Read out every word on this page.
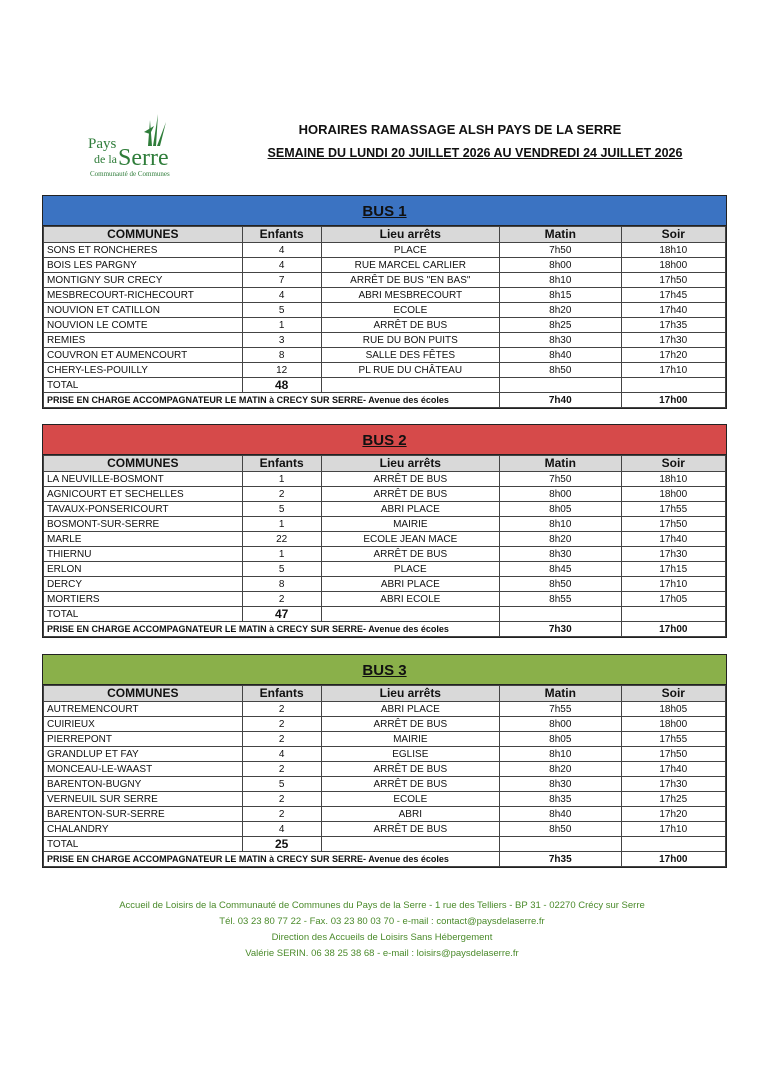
Pays
de la Serre
Communauté de Communes
HORAIRES RAMASSAGE ALSH PAYS DE LA SERRE
SEMAINE DU LUNDI 20 JUILLET 2026 AU VENDREDI 24 JUILLET 2026
BUS 1
COMMUNES	Enfants	Lieu arrêts	Matin	Soir
SONS ET RONCHERES	4	PLACE	7h50	18h10
BOIS LES PARGNY	4	RUE MARCEL CARLIER	8h00	18h00
MONTIGNY SUR CRECY	7	ARRÊT DE BUS "EN BAS"	8h10	17h50
MESBRECOURT-RICHECOURT	4	ABRI MESBRECOURT	8h15	17h45
NOUVION ET CATILLON	5	ECOLE	8h20	17h40
NOUVION LE COMTE	1	ARRÊT DE BUS	8h25	17h35
REMIES	3	RUE DU BON PUITS	8h30	17h30
COUVRON ET AUMENCOURT	8	SALLE DES FÊTES	8h40	17h20
CHERY-LES-POUILLY	12	PL RUE DU CHÂTEAU	8h50	17h10
TOTAL	48			
PRISE EN CHARGE ACCOMPAGNATEUR LE MATIN à CRECY SUR SERRE- Avenue des écoles			7h40	17h00
BUS 2
COMMUNES	Enfants	Lieu arrêts	Matin	Soir
LA NEUVILLE-BOSMONT	1	ARRÊT DE BUS	7h50	18h10
AGNICOURT ET SECHELLES	2	ARRÊT DE BUS	8h00	18h00
TAVAUX-PONSERICOURT	5	ABRI PLACE	8h05	17h55
BOSMONT-SUR-SERRE	1	MAIRIE	8h10	17h50
MARLE	22	ECOLE JEAN MACE	8h20	17h40
THIERNU	1	ARRÊT DE BUS	8h30	17h30
ERLON	5	PLACE	8h45	17h15
DERCY	8	ABRI PLACE	8h50	17h10
MORTIERS	2	ABRI ECOLE	8h55	17h05
TOTAL	47			
PRISE EN CHARGE ACCOMPAGNATEUR LE MATIN à CRECY SUR SERRE- Avenue des écoles			7h30	17h00
BUS 3
COMMUNES	Enfants	Lieu arrêts	Matin	Soir
AUTREMENCOURT	2	ABRI PLACE	7h55	18h05
CUIRIEUX	2	ARRÊT DE BUS	8h00	18h00
PIERREPONT	2	MAIRIE	8h05	17h55
GRANDLUP ET FAY	4	EGLISE	8h10	17h50
MONCEAU-LE-WAAST	2	ARRÊT DE BUS	8h20	17h40
BARENTON-BUGNY	5	ARRÊT DE BUS	8h30	17h30
VERNEUIL SUR SERRE	2	ECOLE	8h35	17h25
BARENTON-SUR-SERRE	2	ABRI	8h40	17h20
CHALANDRY	4	ARRÊT DE BUS	8h50	17h10
TOTAL	25			
PRISE EN CHARGE ACCOMPAGNATEUR LE MATIN à CRECY SUR SERRE- Avenue des écoles			7h35	17h00
Accueil de Loisirs de la Communauté de Communes du Pays de la Serre - 1 rue des Telliers - BP 31 - 02270 Crécy sur Serre
Tél. 03 23 80 77 22 - Fax. 03 23 80 03 70 - e-mail : contact@paysdelaserre.fr
Direction des Accueils de Loisirs Sans Hébergement
Valérie SERIN. 06 38 25 38 68 - e-mail : loisirs@paysdelaserre.fr
